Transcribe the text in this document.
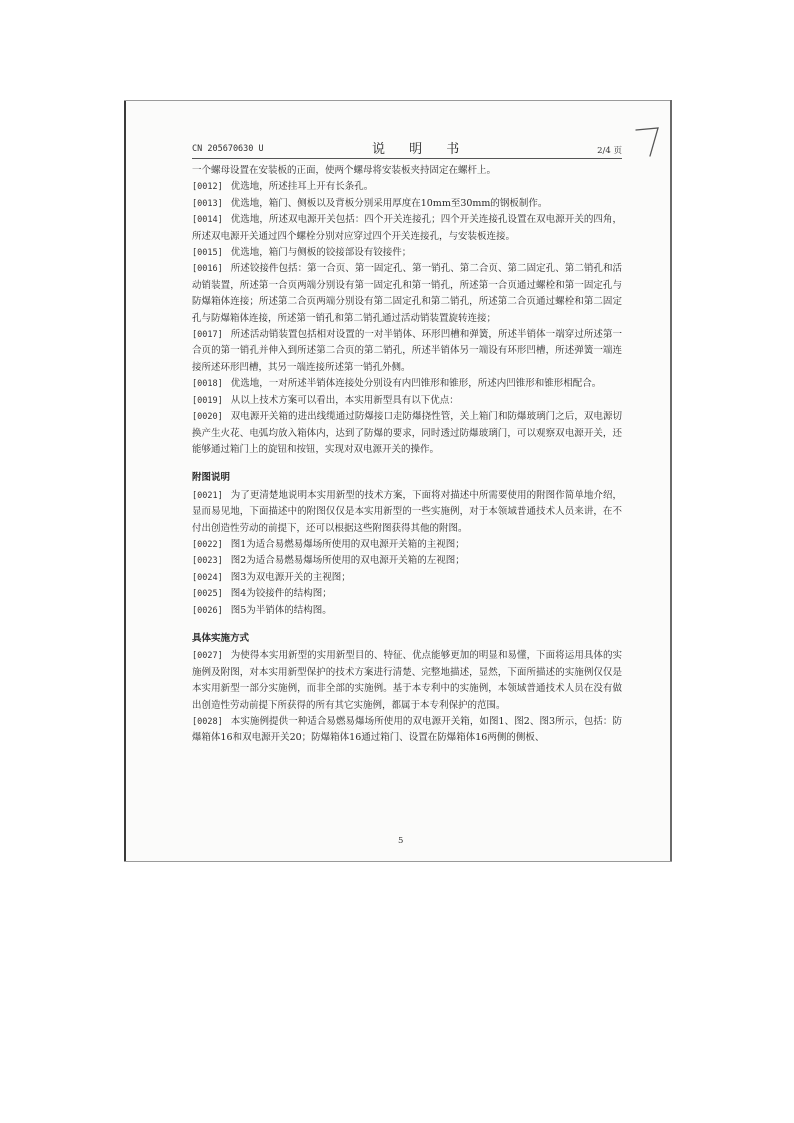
CN 205670630 U	说 明 书	2/4 页

一个螺母设置在安装板的正面，使两个螺母将安装板夹持固定在螺杆上。

[0012] 优选地，所述挂耳上开有长条孔。

[0013] 优选地，箱门、侧板以及背板分别采用厚度在10mm至30mm的钢板制作。

[0014] 优选地，所述双电源开关包括：四个开关连接孔；四个开关连接孔设置在双电源开关的四角，所述双电源开关通过四个螺栓分别对应穿过四个开关连接孔，与安装板连接。

[0015] 优选地，箱门与侧板的铰接部设有铰接件；

[0016] 所述铰接件包括：第一合页、第一固定孔、第一销孔、第二合页、第二固定孔、第二销孔和活动销装置，所述第一合页两端分别设有第一固定孔和第一销孔，所述第一合页通过螺栓和第一固定孔与防爆箱体连接；所述第二合页两端分别设有第二固定孔和第二销孔，所述第二合页通过螺栓和第二固定孔与防爆箱体连接，所述第一销孔和第二销孔通过活动销装置旋转连接；

[0017] 所述活动销装置包括相对设置的一对半销体、环形凹槽和弹簧，所述半销体一端穿过所述第一合页的第一销孔并伸入到所述第二合页的第二销孔，所述半销体另一端设有环形凹槽，所述弹簧一端连接所述环形凹槽，其另一端连接所述第一销孔外侧。

[0018] 优选地，一对所述半销体连接处分别设有内凹锥形和锥形，所述内凹锥形和锥形相配合。

[0019] 从以上技术方案可以看出，本实用新型具有以下优点：

[0020] 双电源开关箱的进出线缆通过防爆接口走防爆挠性管，关上箱门和防爆玻璃门之后，双电源切换产生火花、电弧均放入箱体内，达到了防爆的要求，同时透过防爆玻璃门，可以观察双电源开关，还能够通过箱门上的旋钮和按钮，实现对双电源开关的操作。

附图说明

[0021] 为了更清楚地说明本实用新型的技术方案，下面将对描述中所需要使用的附图作简单地介绍，显而易见地，下面描述中的附图仅仅是本实用新型的一些实施例，对于本领域普通技术人员来讲，在不付出创造性劳动的前提下，还可以根据这些附图获得其他的附图。

[0022] 图1为适合易燃易爆场所使用的双电源开关箱的主视图；

[0023] 图2为适合易燃易爆场所使用的双电源开关箱的左视图；

[0024] 图3为双电源开关的主视图；

[0025] 图4为铰接件的结构图；

[0026] 图5为半销体的结构图。

具体实施方式

[0027] 为使得本实用新型的实用新型目的、特征、优点能够更加的明显和易懂，下面将运用具体的实施例及附图，对本实用新型保护的技术方案进行清楚、完整地描述，显然，下面所描述的实施例仅仅是本实用新型一部分实施例，而非全部的实施例。基于本专利中的实施例，本领域普通技术人员在没有做出创造性劳动前提下所获得的所有其它实施例，都属于本专利保护的范围。

[0028] 本实施例提供一种适合易燃易爆场所使用的双电源开关箱，如图1、图2、图3所示，包括：防爆箱体16和双电源开关20；防爆箱体16通过箱门、设置在防爆箱体16两侧的侧板、

5
